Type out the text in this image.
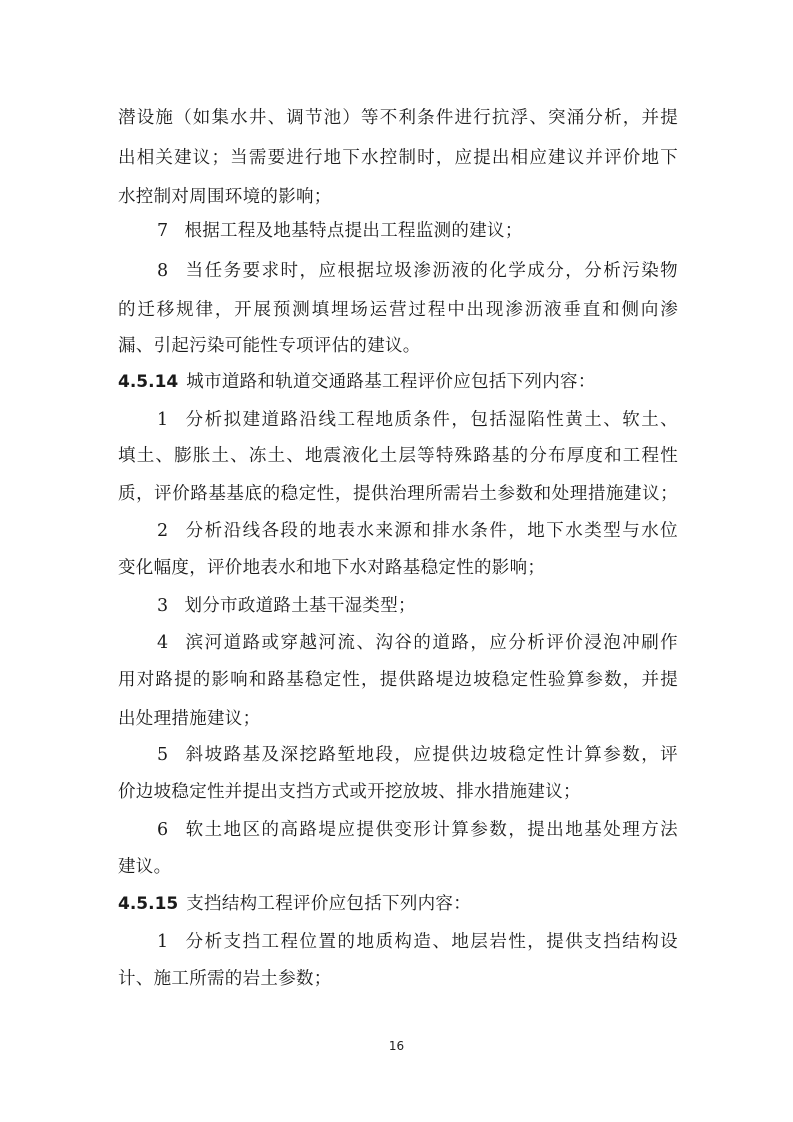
潜设施（如集水井、调节池）等不利条件进行抗浮、突涌分析，并提
出相关建议；当需要进行地下水控制时，应提出相应建议并评价地下
水控制对周围环境的影响；
7 根据工程及地基特点提出工程监测的建议；
8 当任务要求时，应根据垃圾渗沥液的化学成分，分析污染物
的迁移规律，开展预测填埋场运营过程中出现渗沥液垂直和侧向渗
漏、引起污染可能性专项评估的建议。
4.5.14 城市道路和轨道交通路基工程评价应包括下列内容：
1 分析拟建道路沿线工程地质条件，包括湿陷性黄土、软土、
填土、膨胀土、冻土、地震液化土层等特殊路基的分布厚度和工程性
质，评价路基基底的稳定性，提供治理所需岩土参数和处理措施建议；
2 分析沿线各段的地表水来源和排水条件，地下水类型与水位
变化幅度，评价地表水和地下水对路基稳定性的影响；
3 划分市政道路土基干湿类型；
4 滨河道路或穿越河流、沟谷的道路，应分析评价浸泡冲刷作
用对路提的影响和路基稳定性，提供路堤边坡稳定性验算参数，并提
出处理措施建议；
5 斜坡路基及深挖路堑地段，应提供边坡稳定性计算参数，评
价边坡稳定性并提出支挡方式或开挖放坡、排水措施建议；
6 软土地区的高路堤应提供变形计算参数，提出地基处理方法
建议。
4.5.15 支挡结构工程评价应包括下列内容：
1 分析支挡工程位置的地质构造、地层岩性，提供支挡结构设
计、施工所需的岩土参数；
16
